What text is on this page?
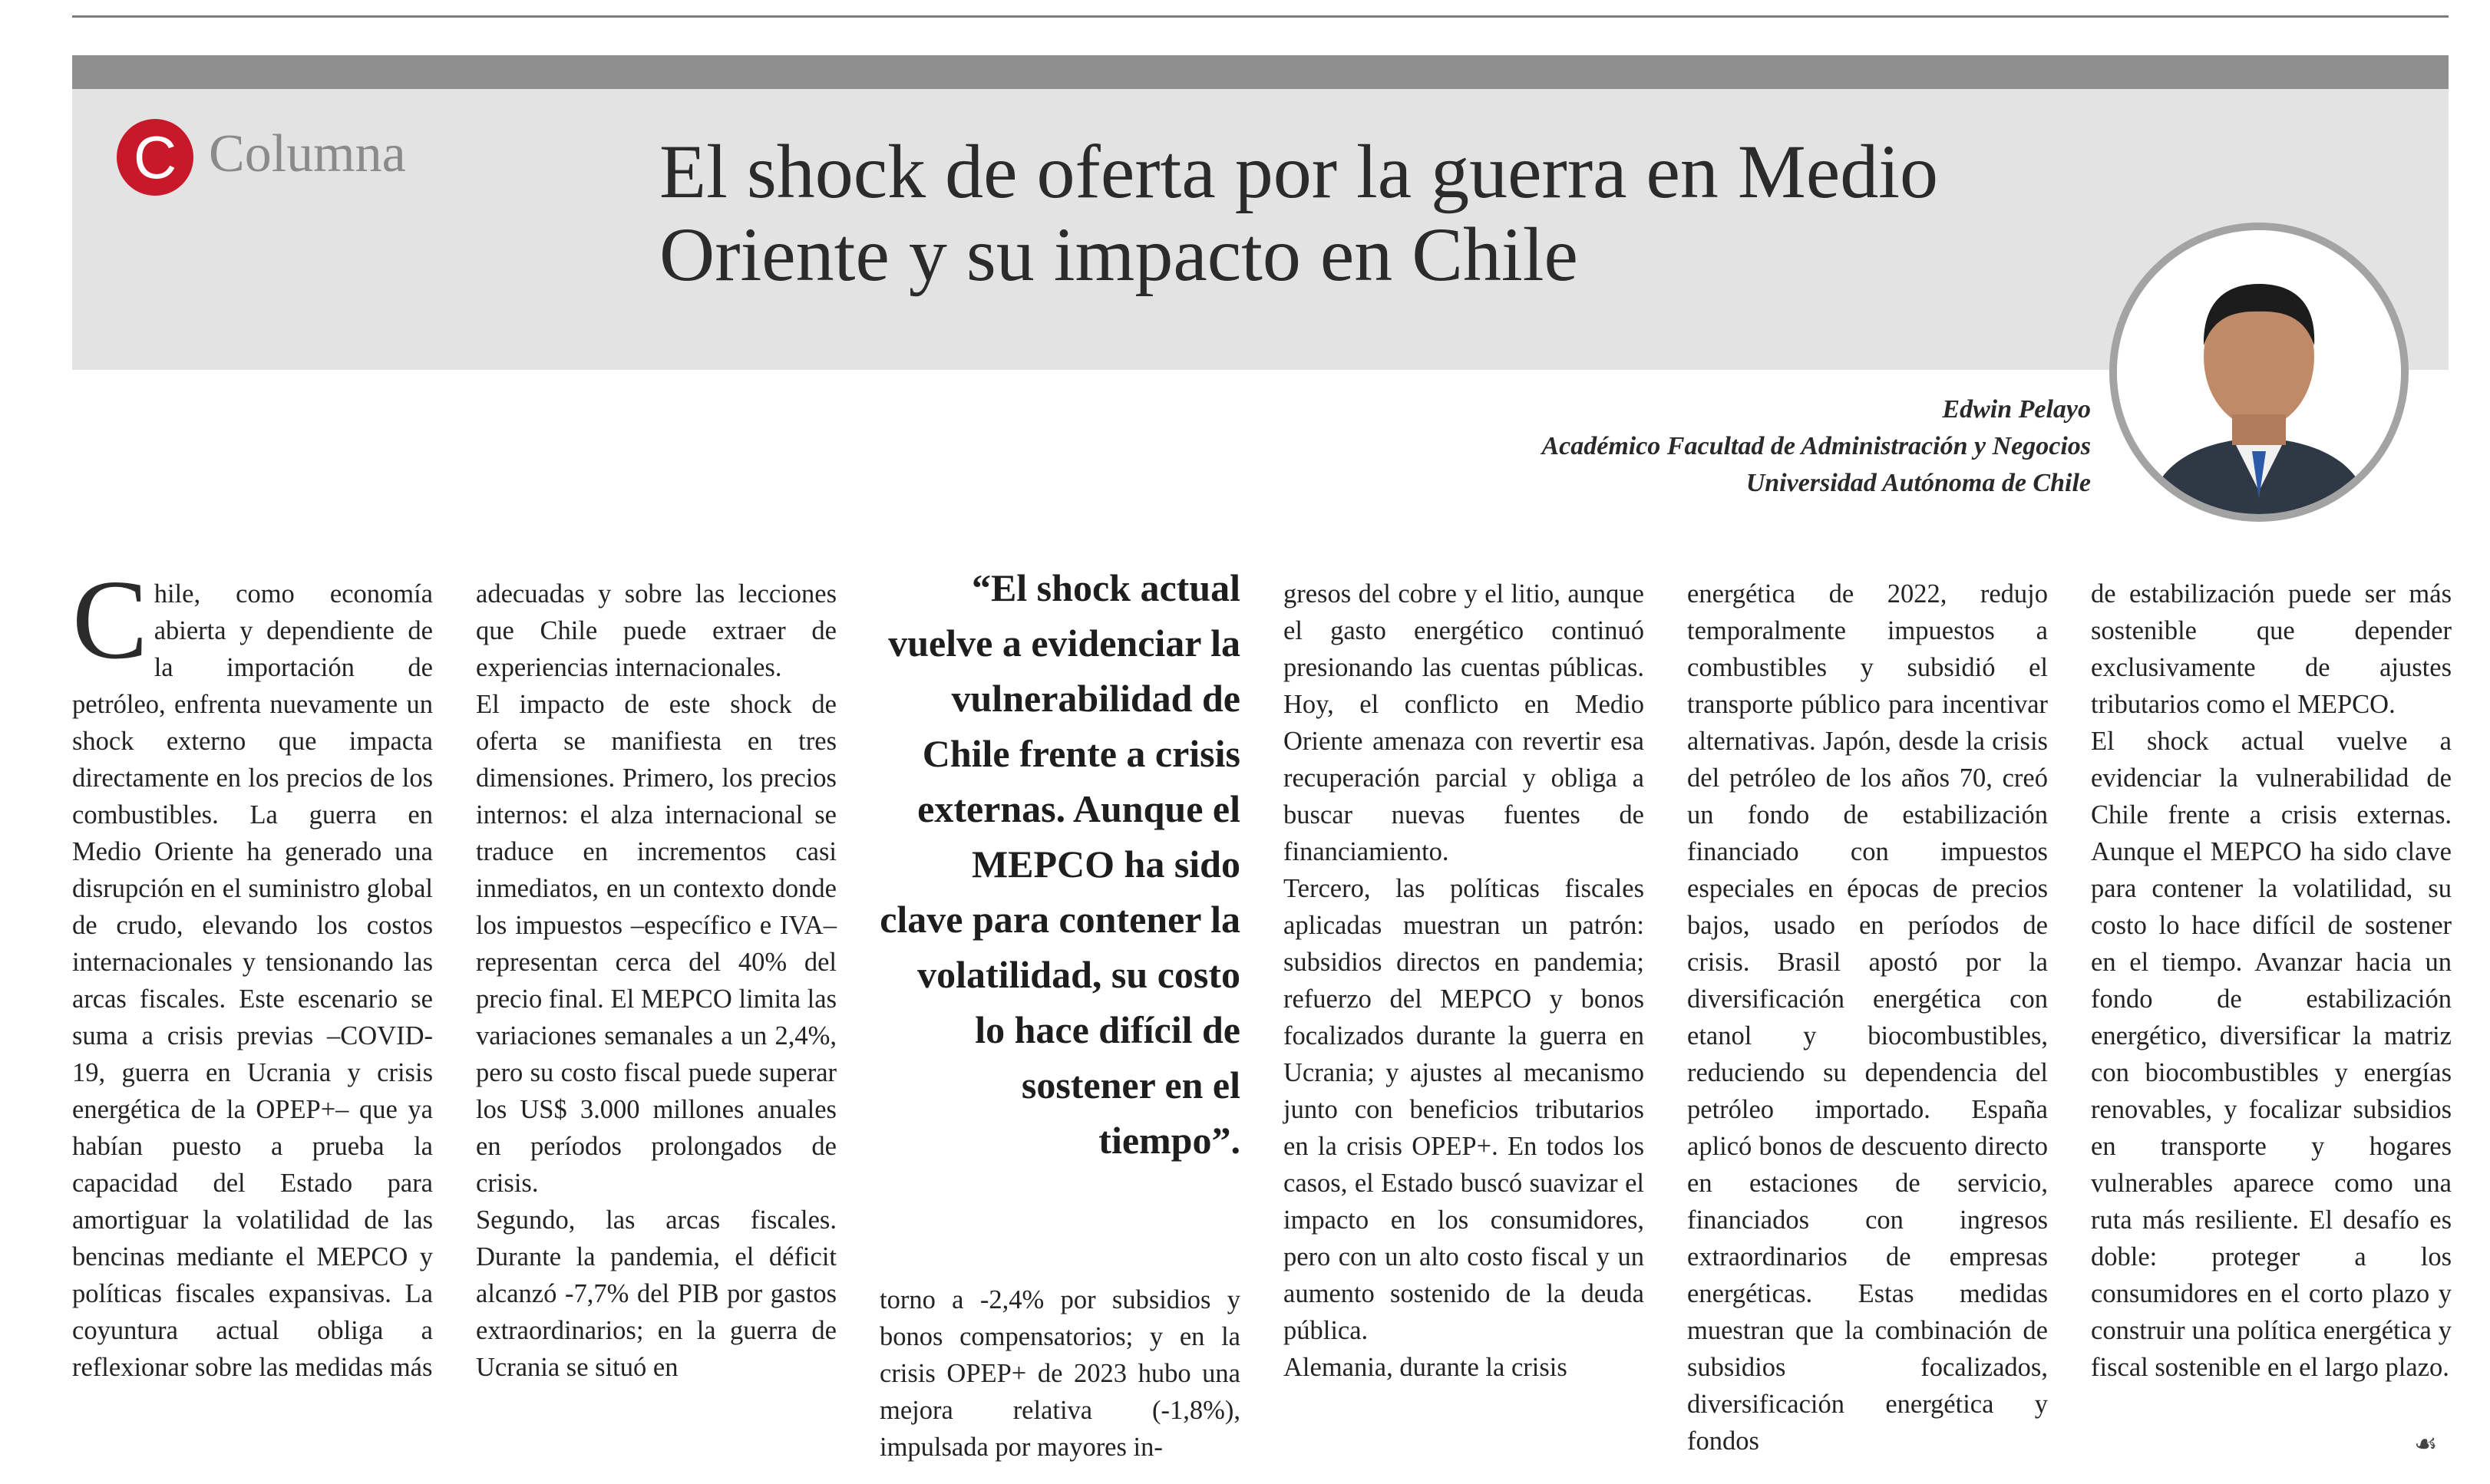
C Columna	El shock de oferta por la guerra en Medio Oriente y su impacto en Chile
Edwin Pelayo
Académico Facultad de Administración y Negocios
Universidad Autónoma de Chile

Chile, como economía abierta y dependiente de la importación de petróleo, enfrenta nuevamente un shock externo que impacta directamente en los precios de los combustibles. La guerra en Medio Oriente ha generado una disrupción en el suministro global de crudo, elevando los costos internacionales y tensionando las arcas fiscales. Este escenario se suma a crisis previas –COVID-19, guerra en Ucrania y crisis energética de la OPEP+– que ya habían puesto a prueba la capacidad del Estado para amortiguar la volatilidad de las bencinas mediante el MEPCO y políticas fiscales expansivas. La coyuntura actual obliga a reflexionar sobre las medidas más

adecuadas y sobre las lecciones que Chile puede extraer de experiencias internacionales.

El impacto de este shock de oferta se manifiesta en tres dimensiones. Primero, los precios internos: el alza internacional se traduce en incrementos casi inmediatos, en un contexto donde los impuestos –específico e IVA– representan cerca del 40% del precio final. El MEPCO limita las variaciones semanales a un 2,4%, pero su costo fiscal puede superar los US$ 3.000 millones anuales en períodos prolongados de crisis.

Segundo, las arcas fiscales. Durante la pandemia, el déficit alcanzó -7,7% del PIB por gastos extraordinarios; en la guerra de Ucrania se situó en

“El shock actual vuelve a evidenciar la vulnerabilidad de Chile frente a crisis externas. Aunque el MEPCO ha sido clave para contener la volatilidad, su costo lo hace difícil de sostener en el tiempo”.

torno a -2,4% por subsidios y bonos compensatorios; y en la crisis OPEP+ de 2023 hubo una mejora relativa (-1,8%), impulsada por mayores in-

gresos del cobre y el litio, aunque el gasto energético continuó presionando las cuentas públicas. Hoy, el conflicto en Medio Oriente amenaza con revertir esa recuperación parcial y obliga a buscar nuevas fuentes de financiamiento.

Tercero, las políticas fiscales aplicadas muestran un patrón: subsidios directos en pandemia; refuerzo del MEPCO y bonos focalizados durante la guerra en Ucrania; y ajustes al mecanismo junto con beneficios tributarios en la crisis OPEP+. En todos los casos, el Estado buscó suavizar el impacto en los consumidores, pero con un alto costo fiscal y un aumento sostenido de la deuda pública.

Alemania, durante la crisis

energética de 2022, redujo temporalmente impuestos a combustibles y subsidió el transporte público para incentivar alternativas. Japón, desde la crisis del petróleo de los años 70, creó un fondo de estabilización financiado con impuestos especiales en épocas de precios bajos, usado en períodos de crisis. Brasil apostó por la diversificación energética con etanol y biocombustibles, reduciendo su dependencia del petróleo importado. España aplicó bonos de descuento directo en estaciones de servicio, financiados con ingresos extraordinarios de empresas energéticas. Estas medidas muestran que la combinación de subsidios focalizados, diversificación energética y fondos

de estabilización puede ser más sostenible que depender exclusivamente de ajustes tributarios como el MEPCO.

El shock actual vuelve a evidenciar la vulnerabilidad de Chile frente a crisis externas. Aunque el MEPCO ha sido clave para contener la volatilidad, su costo lo hace difícil de sostener en el tiempo. Avanzar hacia un fondo de estabilización energético, diversificar la matriz con biocombustibles y energías renovables, y focalizar subsidios en transporte y hogares vulnerables aparece como una ruta más resiliente. El desafío es doble: proteger a los consumidores en el corto plazo y construir una política energética y fiscal sostenible en el largo plazo.

☙
